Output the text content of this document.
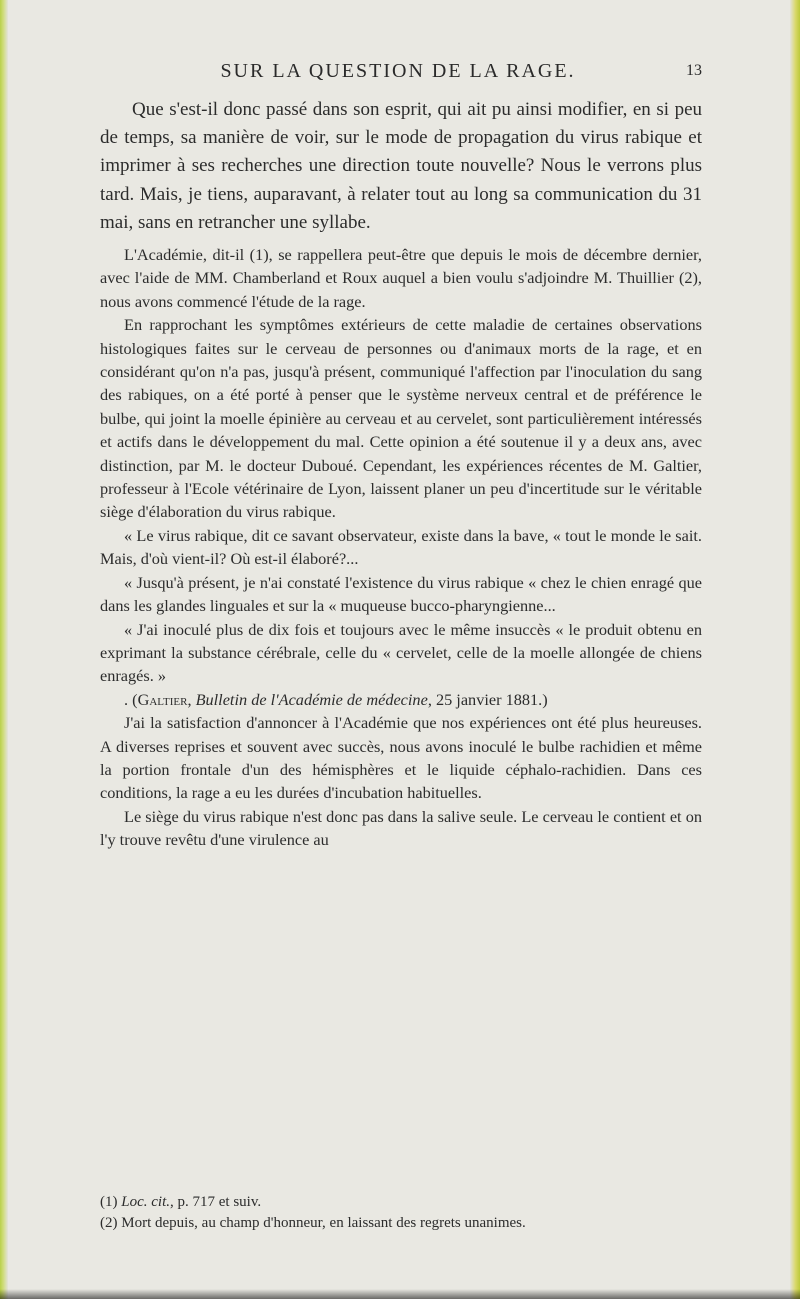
SUR LA QUESTION DE LA RAGE.	13

Que s'est-il donc passé dans son esprit, qui ait pu ainsi modifier, en si peu de temps, sa manière de voir, sur le mode de propagation du virus rabique et imprimer à ses recherches une direction toute nouvelle? Nous le verrons plus tard. Mais, je tiens, auparavant, à relater tout au long sa communication du 31 mai, sans en retrancher une syllabe.

L'Académie, dit-il (1), se rappellera peut-être que depuis le mois de décembre dernier, avec l'aide de MM. Chamberland et Roux auquel a bien voulu s'adjoindre M. Thuillier (2), nous avons commencé l'étude de la rage.

En rapprochant les symptômes extérieurs de cette maladie de certaines observations histologiques faites sur le cerveau de personnes ou d'animaux morts de la rage, et en considérant qu'on n'a pas, jusqu'à présent, communiqué l'affection par l'inoculation du sang des rabiques, on a été porté à penser que le système nerveux central et de préférence le bulbe, qui joint la moelle épinière au cerveau et au cervelet, sont particulièrement intéressés et actifs dans le développement du mal. Cette opinion a été soutenue il y a deux ans, avec distinction, par M. le docteur Duboué. Cependant, les expériences récentes de M. Galtier, professeur à l'Ecole vétérinaire de Lyon, laissent planer un peu d'incertitude sur le véritable siège d'élaboration du virus rabique.

« Le virus rabique, dit ce savant observateur, existe dans la bave, « tout le monde le sait. Mais, d'où vient-il? Où est-il élaboré?...

« Jusqu'à présent, je n'ai constaté l'existence du virus rabique « chez le chien enragé que dans les glandes linguales et sur la « muqueuse bucco-pharyngienne...

« J'ai inoculé plus de dix fois et toujours avec le même insuccès « le produit obtenu en exprimant la substance cérébrale, celle du « cervelet, celle de la moelle allongée de chiens enragés. »

. (Galtier, Bulletin de l'Académie de médecine, 25 janvier 1881.)

J'ai la satisfaction d'annoncer à l'Académie que nos expériences ont été plus heureuses. A diverses reprises et souvent avec succès, nous avons inoculé le bulbe rachidien et même la portion frontale d'un des hémisphères et le liquide céphalo-rachidien. Dans ces conditions, la rage a eu les durées d'incubation habituelles.

Le siège du virus rabique n'est donc pas dans la salive seule. Le cerveau le contient et on l'y trouve revêtu d'une virulence au

(1) Loc. cit., p. 717 et suiv.

(2) Mort depuis, au champ d'honneur, en laissant des regrets unanimes.
